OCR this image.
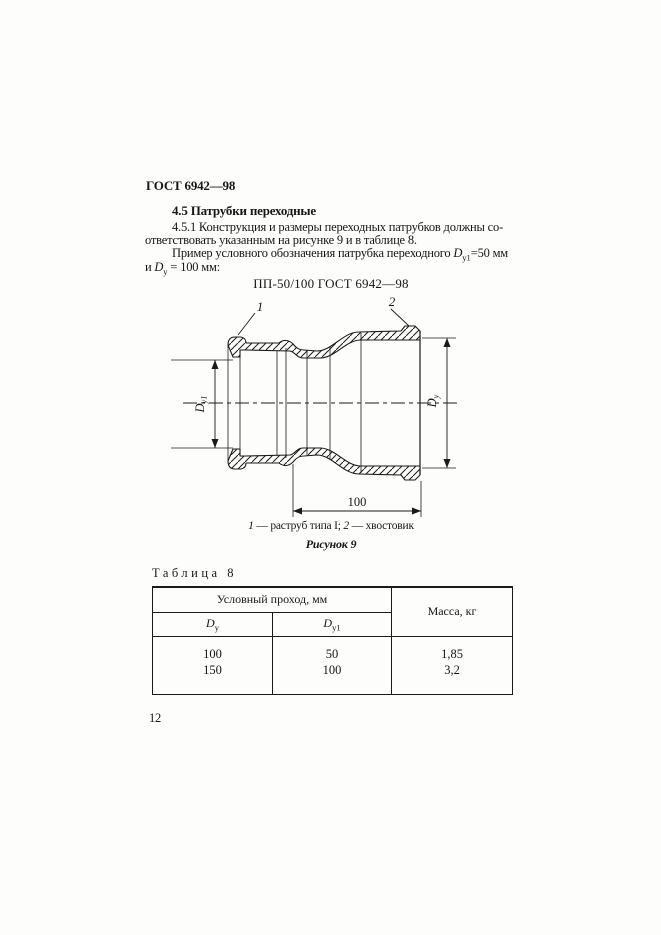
ГОСТ 6942—98
4.5 Патрубки переходные
4.5.1 Конструкция и размеры переходных патрубков должны со-
ответствовать указанным на рисунке 9 и в таблице 8.
Пример условного обозначения патрубка переходного $D_{у1}=50$ мм
и $D_у = 100$ мм:
ПП-50/100 ГОСТ 6942—98
$D_{у1}$	$D_у$
100
1	2
1 — раструб типа I; 2 — хвостовик
Рисунок 9
Таблица 8
Условный проход, мм		Масса, кг
$D_у$	$D_{у1}$
100	50	1,85
150	100	3,2
12
